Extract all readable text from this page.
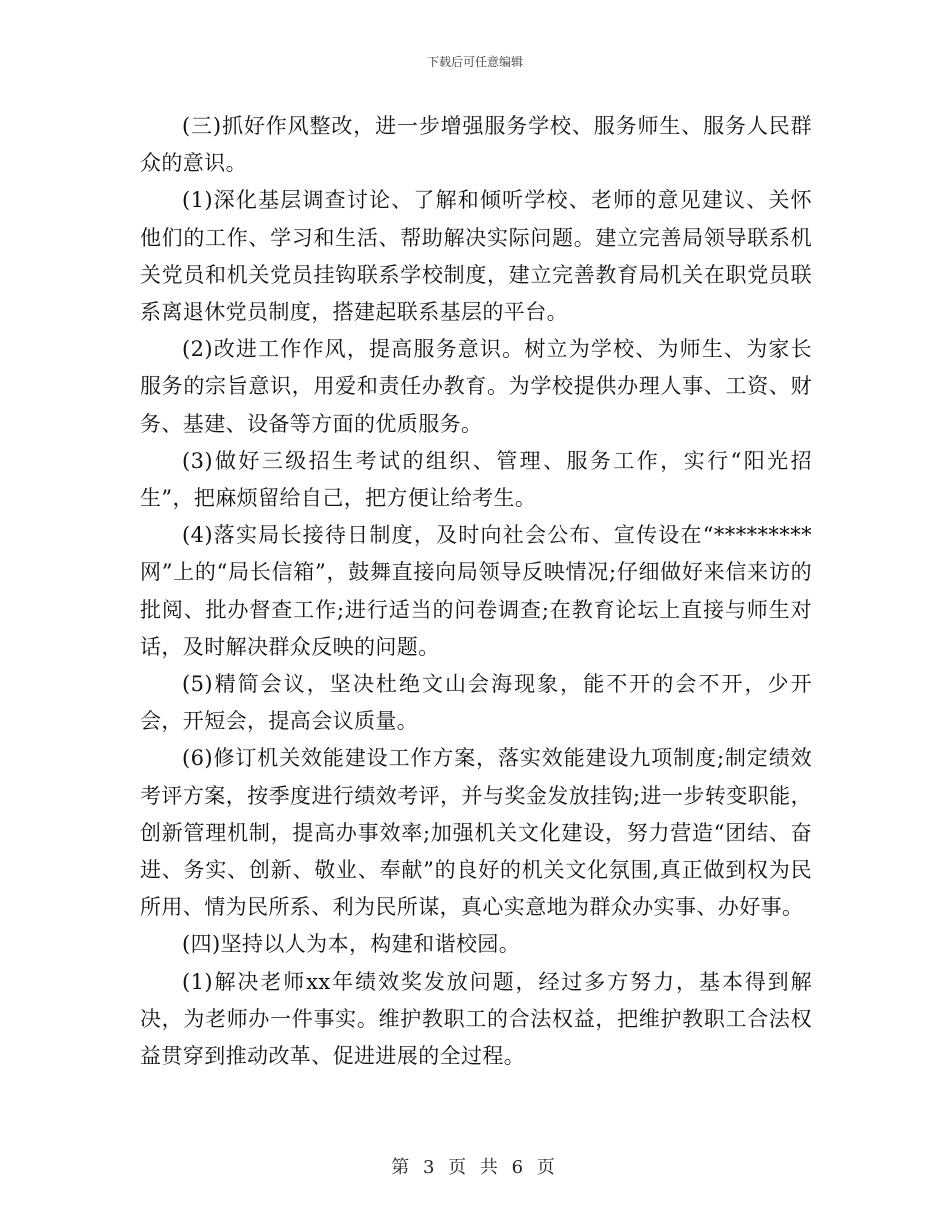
下载后可任意编辑

(三)抓好作风整改，进一步增强服务学校、服务师生、服务人民群众的意识。

(1)深化基层调查讨论、了解和倾听学校、老师的意见建议、关怀他们的工作、学习和生活、帮助解决实际问题。建立完善局领导联系机关党员和机关党员挂钩联系学校制度，建立完善教育局机关在职党员联系离退休党员制度，搭建起联系基层的平台。

(2)改进工作作风，提高服务意识。树立为学校、为师生、为家长服务的宗旨意识，用爱和责任办教育。为学校提供办理人事、工资、财务、基建、设备等方面的优质服务。

(3)做好三级招生考试的组织、管理、服务工作，实行“阳光招生”，把麻烦留给自己，把方便让给考生。

(4)落实局长接待日制度，及时向社会公布、宣传设在“*********网”上的“局长信箱”，鼓舞直接向局领导反映情况;仔细做好来信来访的批阅、批办督查工作;进行适当的问卷调查;在教育论坛上直接与师生对话，及时解决群众反映的问题。

(5)精简会议，坚决杜绝文山会海现象，能不开的会不开，少开会，开短会，提高会议质量。

(6)修订机关效能建设工作方案，落实效能建设九项制度;制定绩效考评方案，按季度进行绩效考评，并与奖金发放挂钩;进一步转变职能，创新管理机制，提高办事效率;加强机关文化建设，努力营造“团结、奋进、务实、创新、敬业、奉献”的良好的机关文化氛围,真正做到权为民所用、情为民所系、利为民所谋，真心实意地为群众办实事、办好事。

(四)坚持以人为本，构建和谐校园。

(1)解决老师xx年绩效奖发放问题，经过多方努力，基本得到解决，为老师办一件事实。维护教职工的合法权益，把维护教职工合法权益贯穿到推动改革、促进进展的全过程。

第 3 页 共 6 页
